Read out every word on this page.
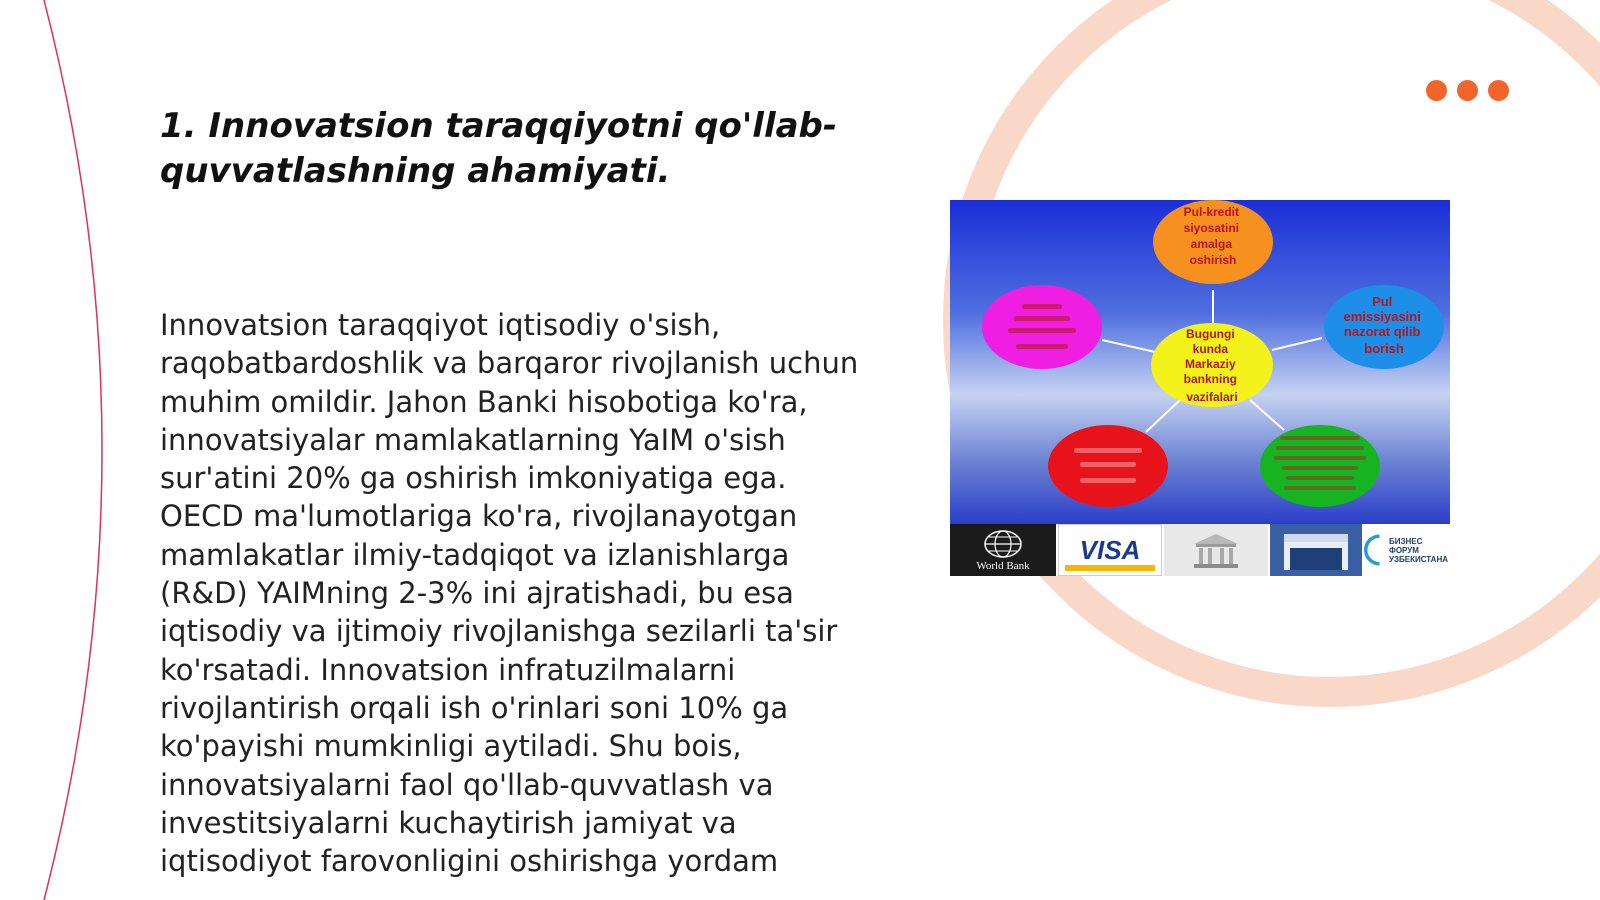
1. Innovatsion taraqqiyotni qo'llab-quvvatlashning ahamiyati.

Innovatsion taraqqiyot iqtisodiy o'sish, raqobatbardoshlik va barqaror rivojlanish uchun muhim omildir. Jahon Banki hisobotiga ko'ra, innovatsiyalar mamlakatlarning YaIM o'sish sur'atini 20% ga oshirish imkoniyatiga ega. OECD ma'lumotlariga ko'ra, rivojlanayotgan mamlakatlar ilmiy-tadqiqot va izlanishlarga (R&D) YAIMning 2-3% ini ajratishadi, bu esa iqtisodiy va ijtimoiy rivojlanishga sezilarli ta'sir ko'rsatadi. Innovatsion infratuzilmalarni rivojlantirish orqali ish o'rinlari soni 10% ga ko'payishi mumkinligi aytiladi. Shu bois, innovatsiyalarni faol qo'llab-quvvatlash va investitsiyalarni kuchaytirish jamiyat va iqtisodiyot farovonligini oshirishga yordam

Pul-kredit siyosatini amalga oshirish
Bugungi kunda Markaziy bankning vazifalari
Pul emissiyasini nazorat qilib borish
World Bank
VISA	БИЗНЕС
ФОРУМ
УЗБЕКИСТАНА
